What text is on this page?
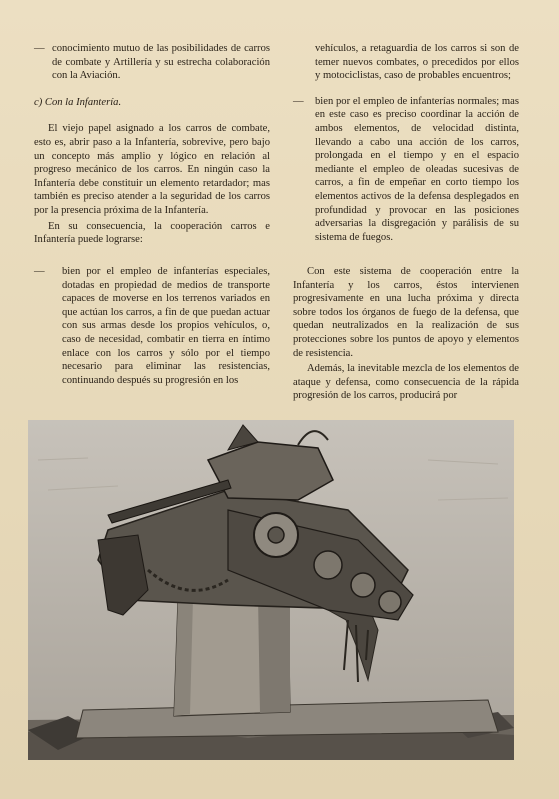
— conocimiento mutuo de las posibilidades de carros de combate y Artillería y su estrecha colaboración con la Aviación.

c) Con la Infantería.

El viejo papel asignado a los carros de combate, esto es, abrir paso a la Infantería, sobrevive, pero bajo un concepto más amplio y lógico en relación al progreso mecánico de los carros. En ningún caso la Infantería debe constituir un elemento retardador; mas también es preciso atender a la seguridad de los carros por la presencia próxima de la Infantería.

En su consecuencia, la cooperación carros e Infantería puede lograrse:

vehículos, a retaguardia de los carros si son de temer nuevos combates, o precedidos por ellos y motociclistas, caso de probables encuentros;

—	bien por el empleo de infanterías normales; mas en este caso es preciso coordinar la acción de ambos elementos, de velocidad distinta, llevando a cabo una acción de los carros, prolongada en el tiempo y en el espacio mediante el empleo de oleadas sucesivas de carros, a fin de empeñar en corto tiempo los elementos activos de la defensa desplegados en profundidad y provocar en las posiciones adversarias la disgregación y parálisis de su sistema de fuegos.
—	bien por el empleo de infanterías especiales, dotadas en propiedad de medios de transporte capaces de moverse en los terrenos variados en que actúan los carros, a fin de que puedan actuar con sus armas desde los propios vehículos, o, caso de necesidad, combatir en tierra en íntimo enlace con los carros y sólo por el tiempo necesario para eliminar las resistencias, continuando después su progresión en los

Con este sistema de cooperación entre la Infantería y los carros, éstos intervienen progresivamente en una lucha próxima y directa sobre todos los órganos de fuego de la defensa, que quedan neutralizados en la realización de sus protecciones sobre los puntos de apoyo y elementos de resistencia.

Además, la inevitable mezcla de los elementos de ataque y defensa, como consecuencia de la rápida progresión de los carros, producirá por
